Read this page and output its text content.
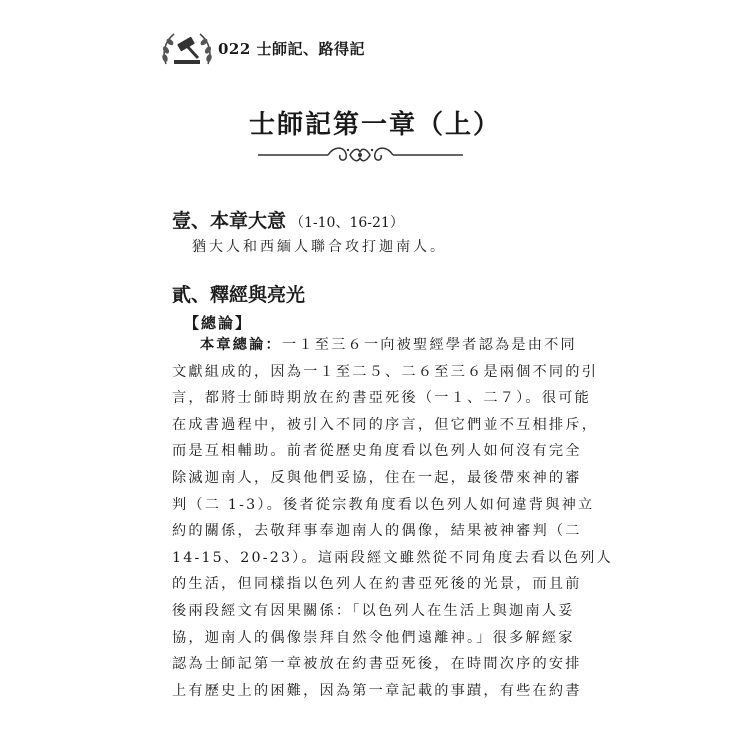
022 士師記、路得記
士師記第一章（上）
壹、本章大意 （1-10、16-21）
猶大人和西緬人聯合攻打迦南人。
貳、釋經與亮光
【總論】
本章總論：一１至三６一向被聖經學者認為是由不同
文獻組成的，因為一１至二５、二６至三６是兩個不同的引
言，都將士師時期放在約書亞死後（一１、二７）。很可能
在成書過程中，被引入不同的序言，但它們並不互相排斥，
而是互相輔助。前者從歷史角度看以色列人如何沒有完全
除滅迦南人，反與他們妥協，住在一起，最後帶來神的審
判（二 1-3）。後者從宗教角度看以色列人如何違背與神立
約的關係，去敬拜事奉迦南人的偶像，結果被神審判（二
14-15、20-23）。這兩段經文雖然從不同角度去看以色列人
的生活，但同樣指以色列人在約書亞死後的光景，而且前
後兩段經文有因果關係：「以色列人在生活上與迦南人妥
協，迦南人的偶像崇拜自然令他們遠離神。」很多解經家
認為士師記第一章被放在約書亞死後，在時間次序的安排
上有歷史上的困難，因為第一章記載的事蹟，有些在約書
